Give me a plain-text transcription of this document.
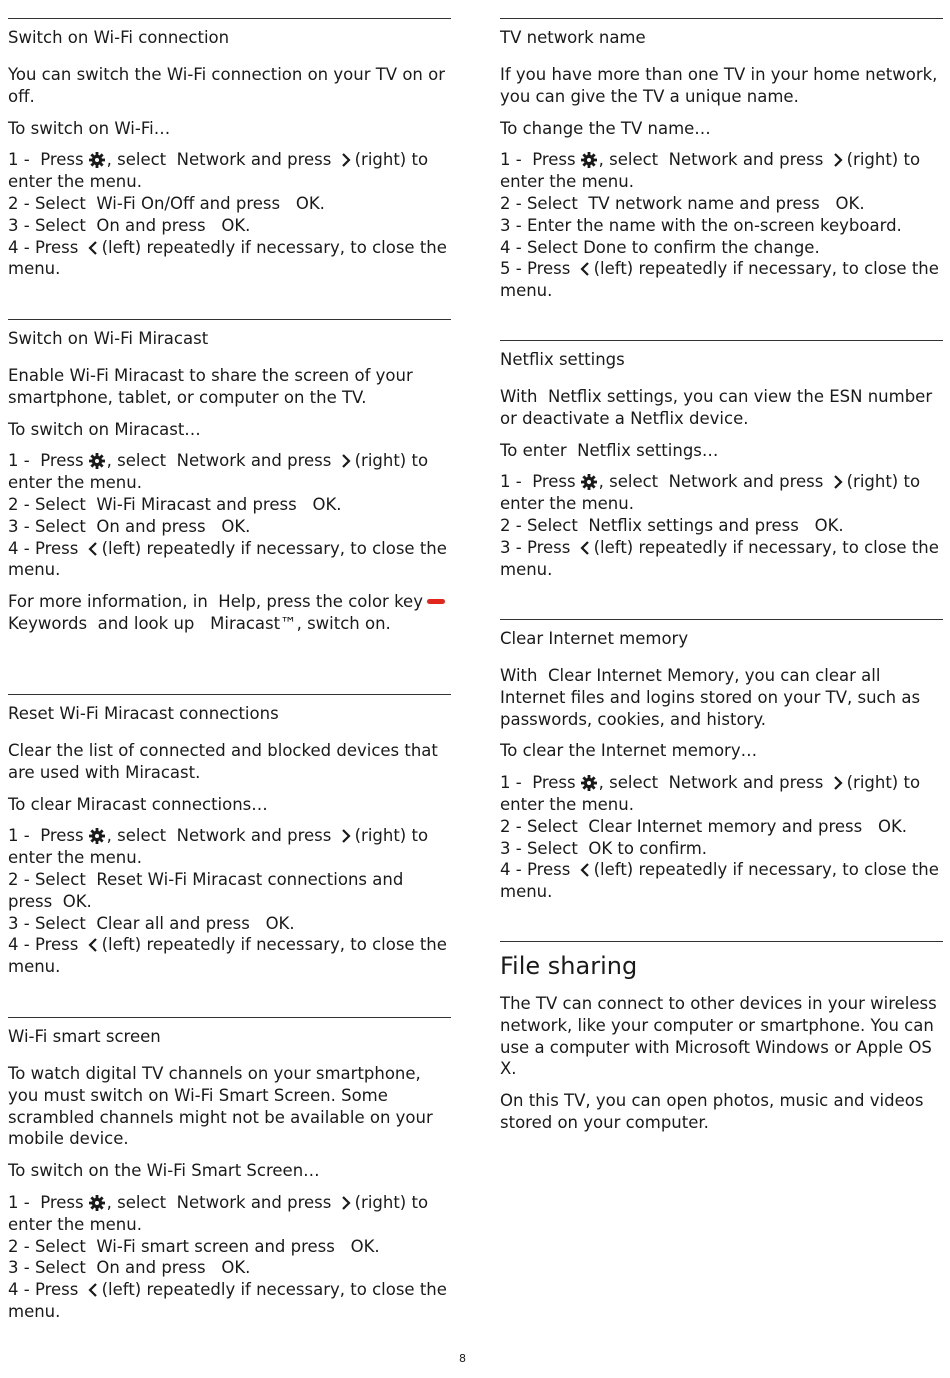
Switch on Wi-Fi connection

You can switch the Wi-Fi connection on your TV on or off.

To switch on Wi-Fi…

1 - Press , select Network and press (right) to enter the menu.
2 - Select Wi-Fi On/Off and press OK.
3 - Select On and press OK.
4 - Press (left) repeatedly if necessary, to close the menu.
Switch on Wi-Fi Miracast

Enable Wi-Fi Miracast to share the screen of your smartphone, tablet, or computer on the TV.

To switch on Miracast…

1 - Press , select Network and press (right) to enter the menu.
2 - Select Wi-Fi Miracast and press OK.
3 - Select On and press OK.
4 - Press (left) repeatedly if necessary, to close the menu.

For more information, in Help, press the color keyKeywords and look up Miracast™, switch on.

Reset Wi-Fi Miracast connections

Clear the list of connected and blocked devices that are used with Miracast.

To clear Miracast connections…

1 - Press , select Network and press (right) to enter the menu.
2 - Select Reset Wi-Fi Miracast connections and press OK.
3 - Select Clear all and press OK.
4 - Press (left) repeatedly if necessary, to close the menu.
Wi-Fi smart screen

To watch digital TV channels on your smartphone, you must switch on Wi-Fi Smart Screen. Some scrambled channels might not be available on your mobile device.

To switch on the Wi-Fi Smart Screen…

1 - Press , select Network and press (right) to enter the menu.
2 - Select Wi-Fi smart screen and press OK.
3 - Select On and press OK.
4 - Press (left) repeatedly if necessary, to close the menu.
TV network name

If you have more than one TV in your home network, you can give the TV a unique name.

To change the TV name…

1 - Press , select Network and press (right) to enter the menu.
2 - Select TV network name and press OK.
3 - Enter the name with the on-screen keyboard.
4 - Select Done to confirm the change.
5 - Press (left) repeatedly if necessary, to close the menu.
Netflix settings

With Netflix settings, you can view the ESN number or deactivate a Netflix device.

To enter Netflix settings…

1 - Press , select Network and press (right) to enter the menu.
2 - Select Netflix settings and press OK.
3 - Press (left) repeatedly if necessary, to close the menu.
Clear Internet memory

With Clear Internet Memory, you can clear all Internet files and logins stored on your TV, such as passwords, cookies, and history.

To clear the Internet memory…

1 - Press , select Network and press (right) to enter the menu.
2 - Select Clear Internet memory and press OK.
3 - Select OK to confirm.
4 - Press (left) repeatedly if necessary, to close the menu.
File sharing

The TV can connect to other devices in your wireless network, like your computer or smartphone. You can use a computer with Microsoft Windows or Apple OS X.

On this TV, you can open photos, music and videos stored on your computer.

8
